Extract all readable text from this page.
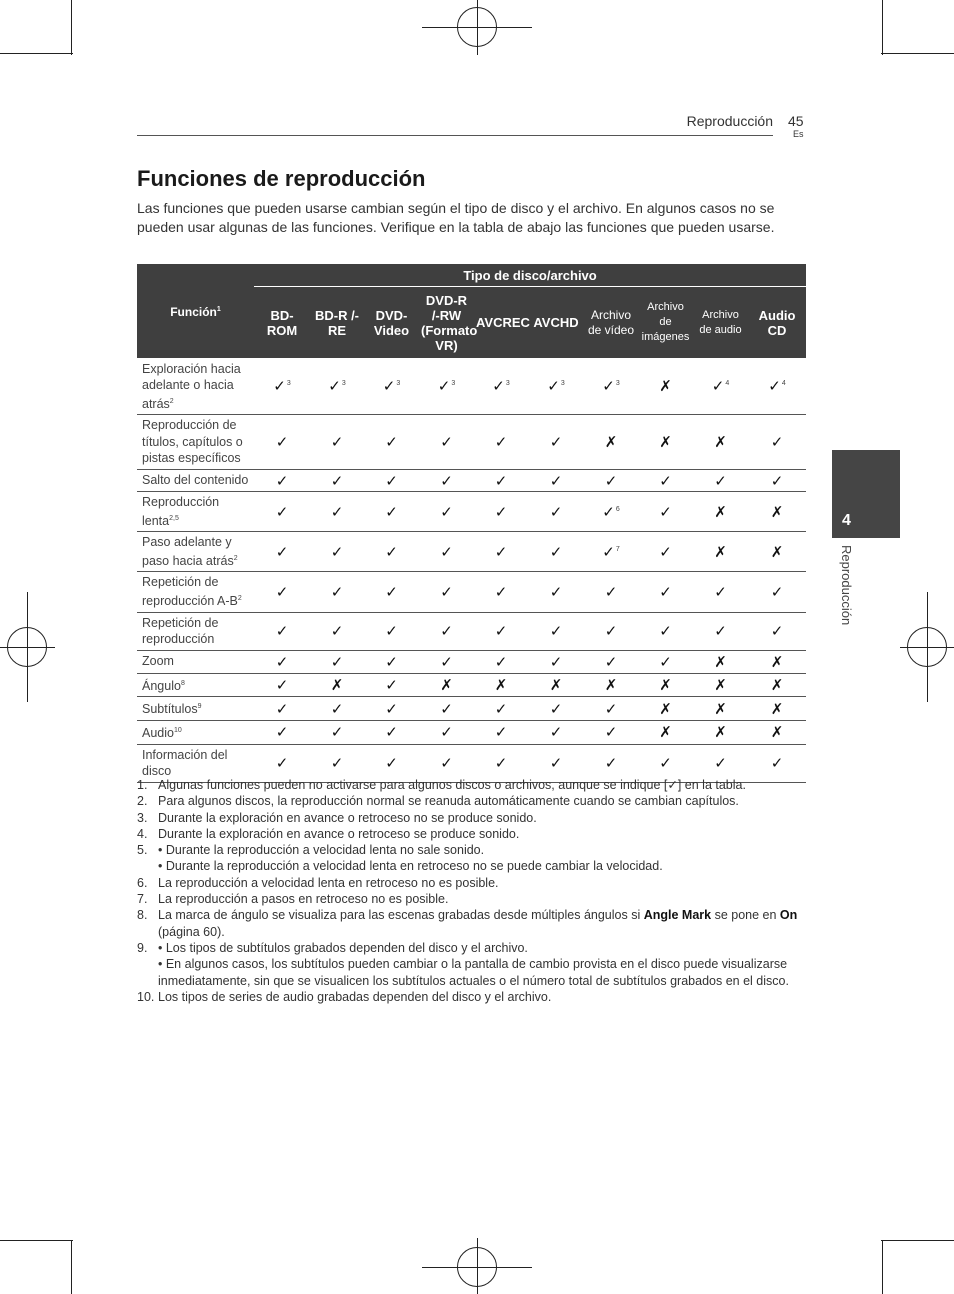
Reproducción 45
Es
4
Reproducción
Funciones de reproducción

Las funciones que pueden usarse cambian según el tipo de disco y el archivo. En algunos casos no se pueden usar algunas de las funciones. Verifique en la tabla de abajo las funciones que pueden usarse.

Función$^1$	Tipo de disco/archivo									
	BD-ROM	BD-R /-RE	DVD-Video	DVD-R /-RW (Formato VR)	AVCREC	AVCHD	Archivo de vídeo	Archivo de imágenes	Archivo de audio	Audio CD
Exploración hacia adelante o hacia atrás$^2$	✓$^3$	✓$^3$	✓$^3$	✓$^3$	✓$^3$	✓$^3$	✓$^3$	✗	✓$^4$	✓$^4$
Reproducción de títulos, capítulos o pistas específicos	✓	✓	✓	✓	✓	✓	✗	✗	✗	✓
Salto del contenido	✓	✓	✓	✓	✓	✓	✓	✓	✓	✓
Reproducción lenta$^{2,5}$	✓	✓	✓	✓	✓	✓	✓$^6$	✓	✗	✗
Paso adelante y paso hacia atrás$^2$	✓	✓	✓	✓	✓	✓	✓$^7$	✓	✗	✗
Repetición de reproducción $A-B^2$	✓	✓	✓	✓	✓	✓	✓	✓	✓	✓
Repetición de reproducción	✓	✓	✓	✓	✓	✓	✓	✓	✓	✓
Zoom	✓	✓	✓	✓	✓	✓	✓	✓	✗	✗
Ángulo$^8$	✓	✗	✓	✗	✗	✗	✗	✗	✗	✗
Subtítulos$^9$	✓	✓	✓	✓	✓	✓	✓	✗	✗	✗
Audio$^{10}$	✓	✓	✓	✓	✓	✓	✓	✗	✗	✗
Información del disco	✓	✓	✓	✓	✓	✓	✓	✓	✓	✓
1. Algunas funciones pueden no activarse para algunos discos o archivos, aunque se indique [✓] en la tabla.
2. Para algunos discos, la reproducción normal se reanuda automáticamente cuando se cambian capítulos.
3. Durante la exploración en avance o retroceso no se produce sonido.
4. Durante la exploración en avance o retroceso se produce sonido.
5. • Durante la reproducción a velocidad lenta no sale sonido.
• Durante la reproducción a velocidad lenta en retroceso no se puede cambiar la velocidad.
6. La reproducción a velocidad lenta en retroceso no es posible.
7. La reproducción a pasos en retroceso no es posible.
8. La marca de ángulo se visualiza para las escenas grabadas desde múltiples ángulos si Angle Mark se pone en On (página 60).
9. • Los tipos de subtítulos grabados dependen del disco y el archivo.
• En algunos casos, los subtítulos pueden cambiar o la pantalla de cambio provista en el disco puede visualizarse inmediatamente, sin que se visualicen los subtítulos actuales o el número total de subtítulos grabados en el disco.
10. Los tipos de series de audio grabadas dependen del disco y el archivo.
